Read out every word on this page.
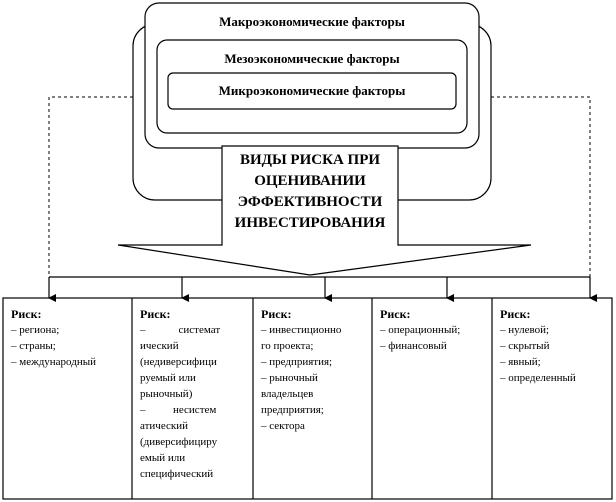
Макроэкономические факторы
Мезоэкономические факторы
Микроэкономические факторы
ВИДЫ РИСКА ПРИ
ОЦЕНИВАНИИ
ЭФФЕКТИВНОСТИ
ИНВЕСТИРОВАНИЯ
Риск:
– региона;
– страны;
– международный
Риск:
–            системат
ический
(недиверсифици
руемый или
рыночный)
–          несистем
атический
(диверсифициру
емый или
специфический
Риск:
– инвестиционно
го проекта;
– предприятия;
– рыночный
владельцев
предприятия;
– сектора
Риск:
– операционный;
– финансовый
Риск:
– нулевой;
– скрытый
– явный;
– определенный
